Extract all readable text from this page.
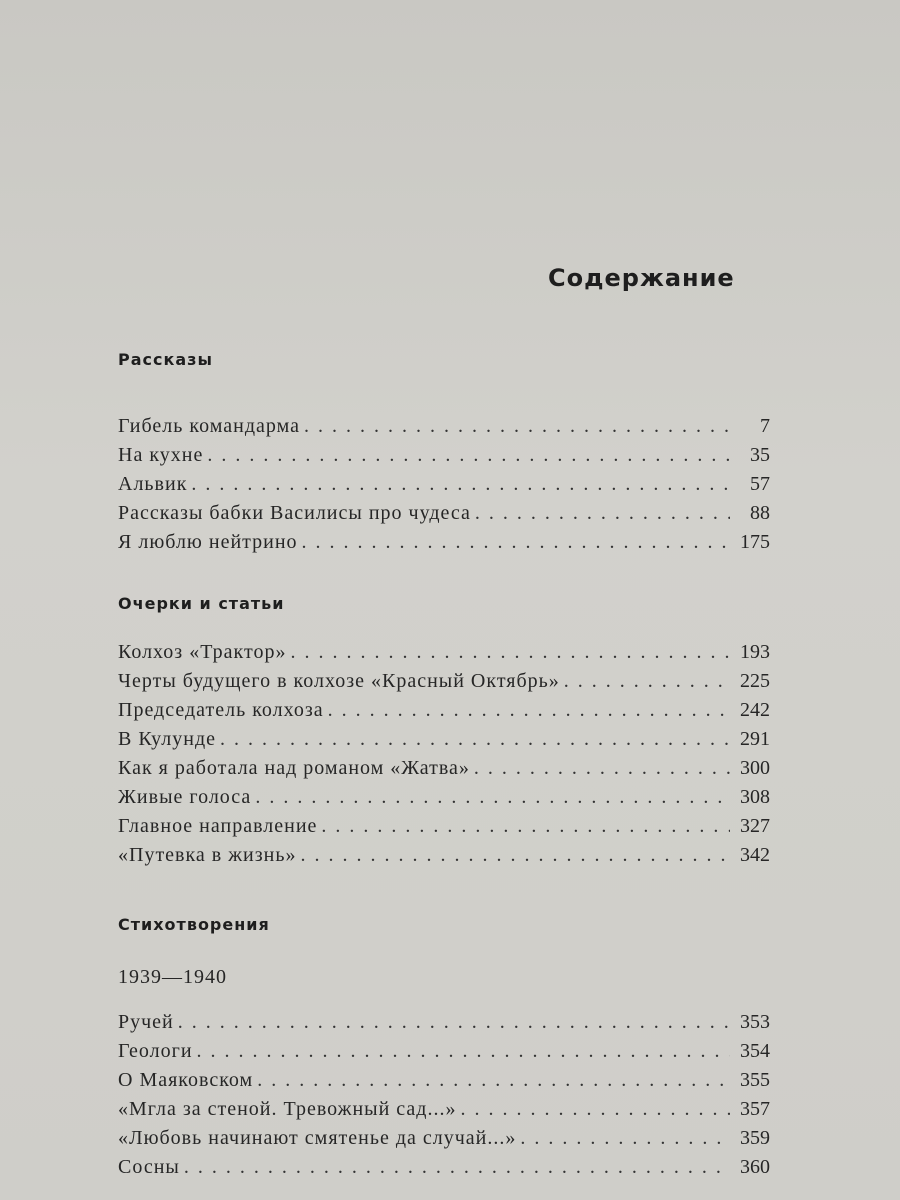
Содержание
Рассказы
Гибель командарма . .	7
На кухне . .	35
Альвик . .	57
Рассказы бабки Василисы про чудеса . .	88
Я люблю нейтрино . .	175
Очерки и статьи
Колхоз «Трактор» . .	193
Черты будущего в колхозе «Красный Октябрь» . .	225
Председатель колхоза . .	242
В Кулунде . .	291
Как я работала над романом «Жатва» . .	300
Живые голоса . .	308
Главное направление . .	327
«Путевка в жизнь» . .	342
Стихотворения
1939—1940
Ручей . .	353
Геологи . .	354
О Маяковском . .	355
«Мгла за стеной. Тревожный сад...» . .	357
«Любовь начинают смятенье да случай...» . .	359
Сосны . .	360
